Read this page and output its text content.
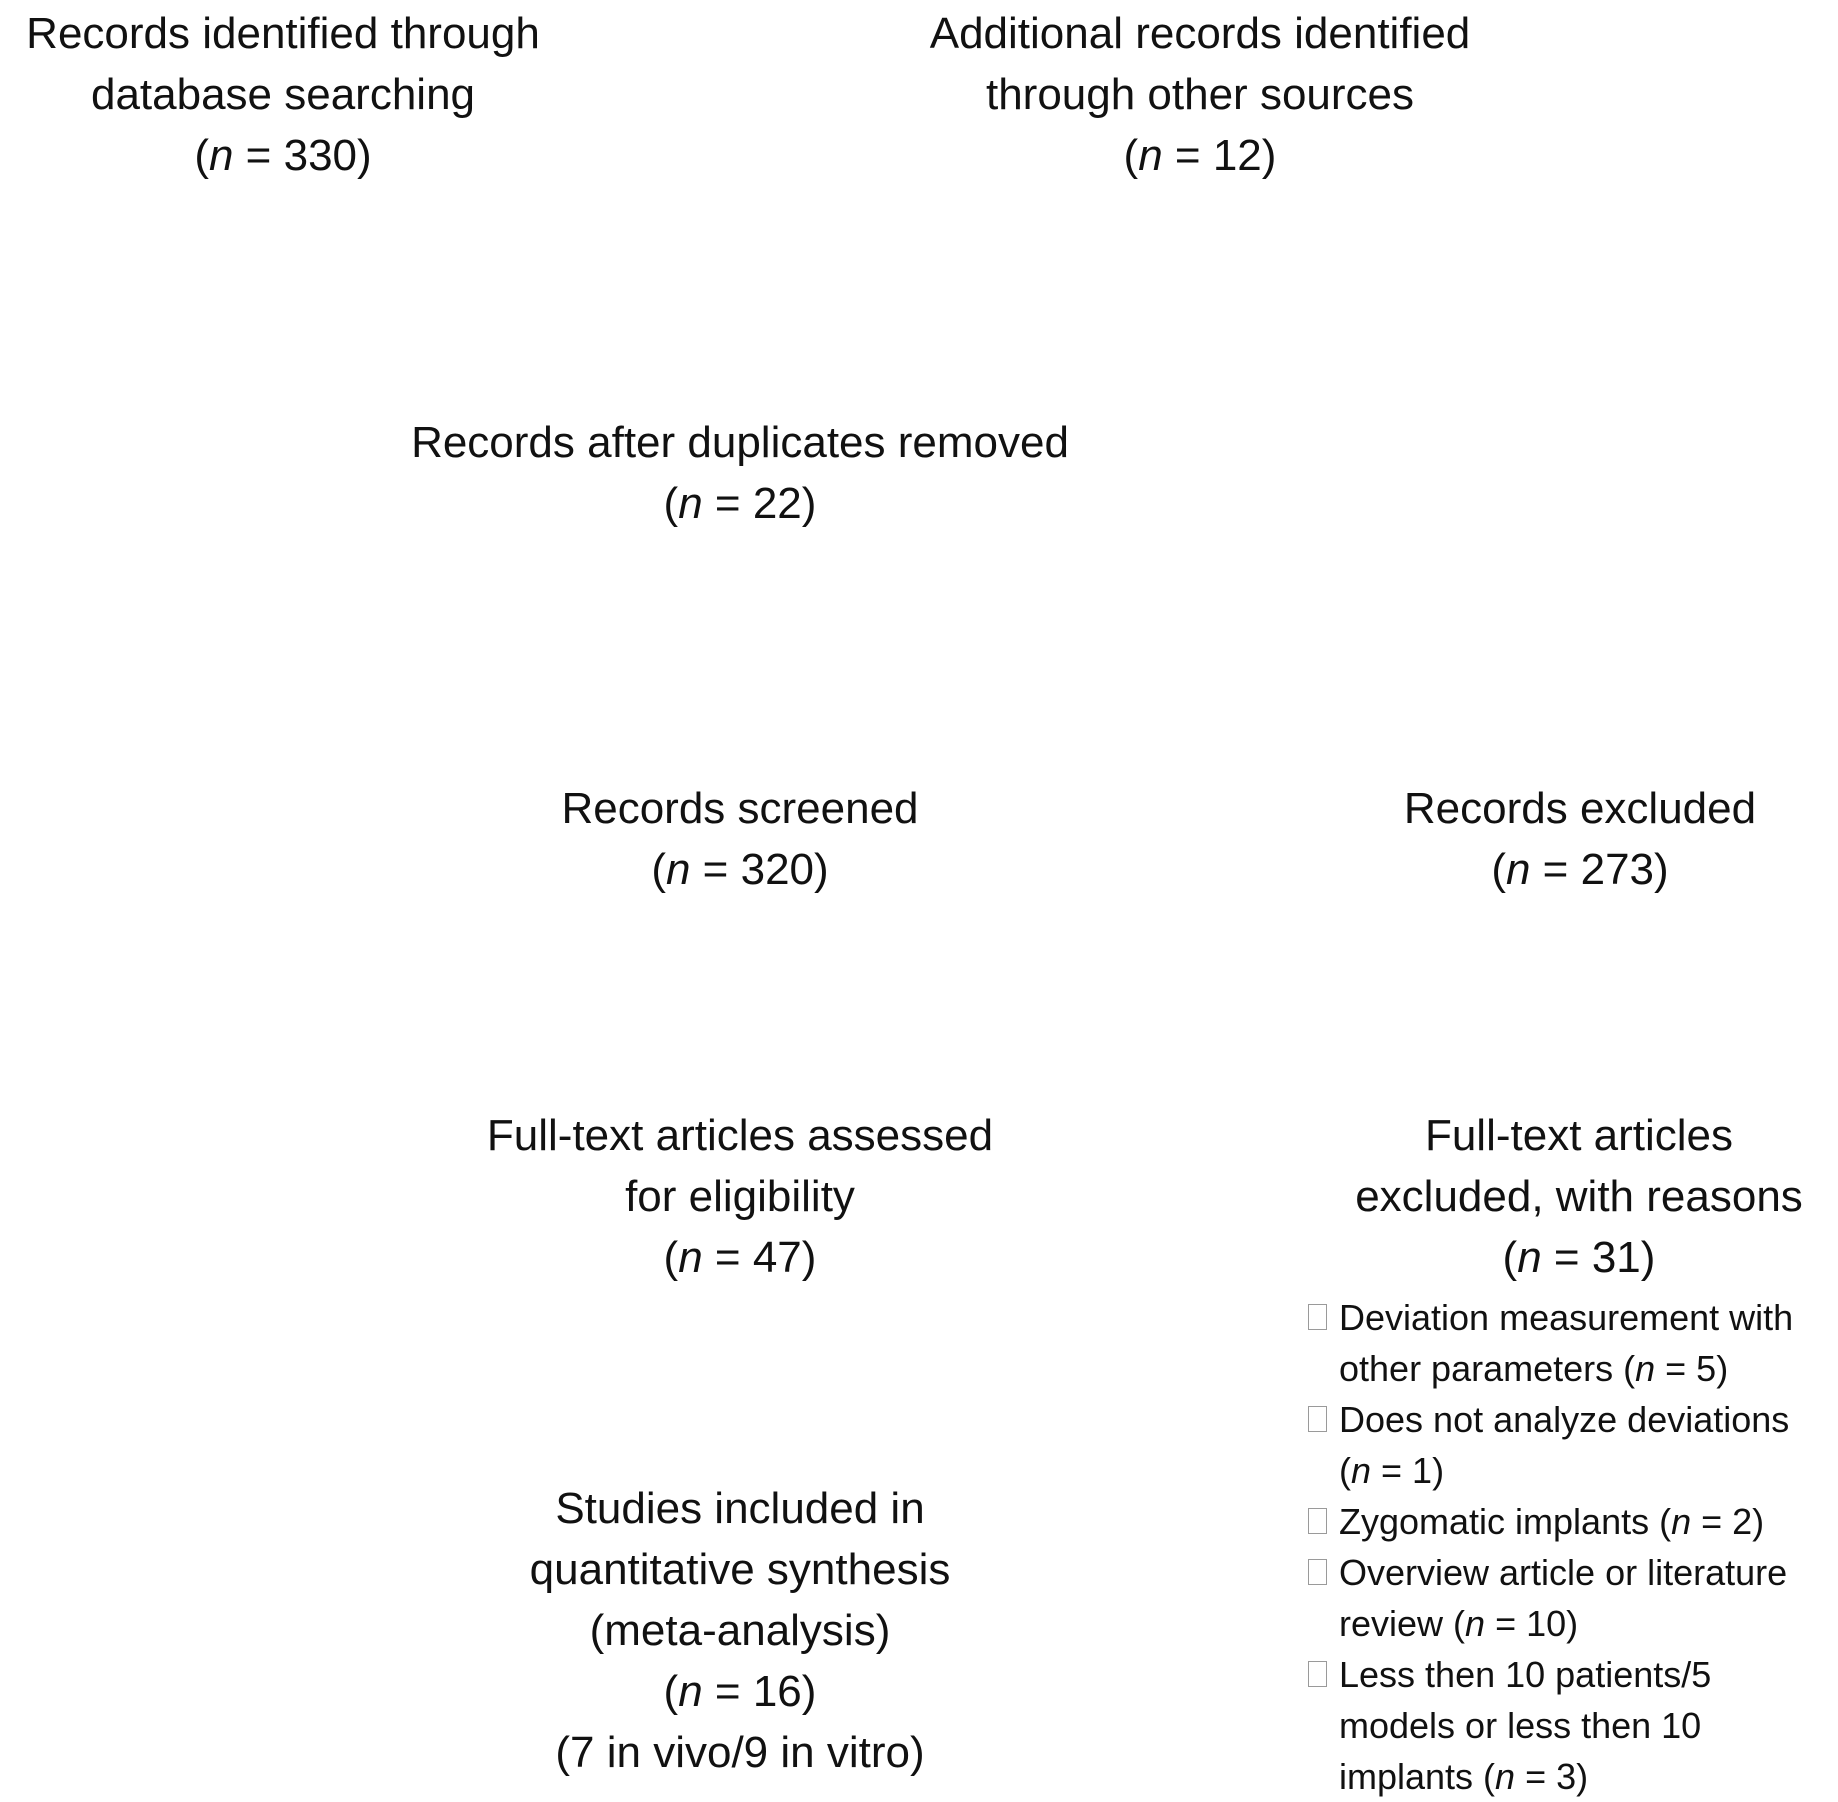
Records identified through
database searching
(n = 330)
Additional records identified
through other sources
(n = 12)
Records after duplicates removed
(n = 22)
Records screened
(n = 320)
Records excluded
(n = 273)
Full-text articles assessed
for eligibility
(n = 47)
Full-text articles
excluded, with reasons
(n = 31)
Deviation measurement with
other parameters (n = 5)
Does not analyze deviations
(n = 1)
Zygomatic implants (n = 2)
Overview article or literature
review (n = 10)
Less then 10 patients/5
models or less then 10
implants (n = 3)
Studies included in
quantitative synthesis
(meta-analysis)
(n = 16)
(7 in vivo/9 in vitro)
